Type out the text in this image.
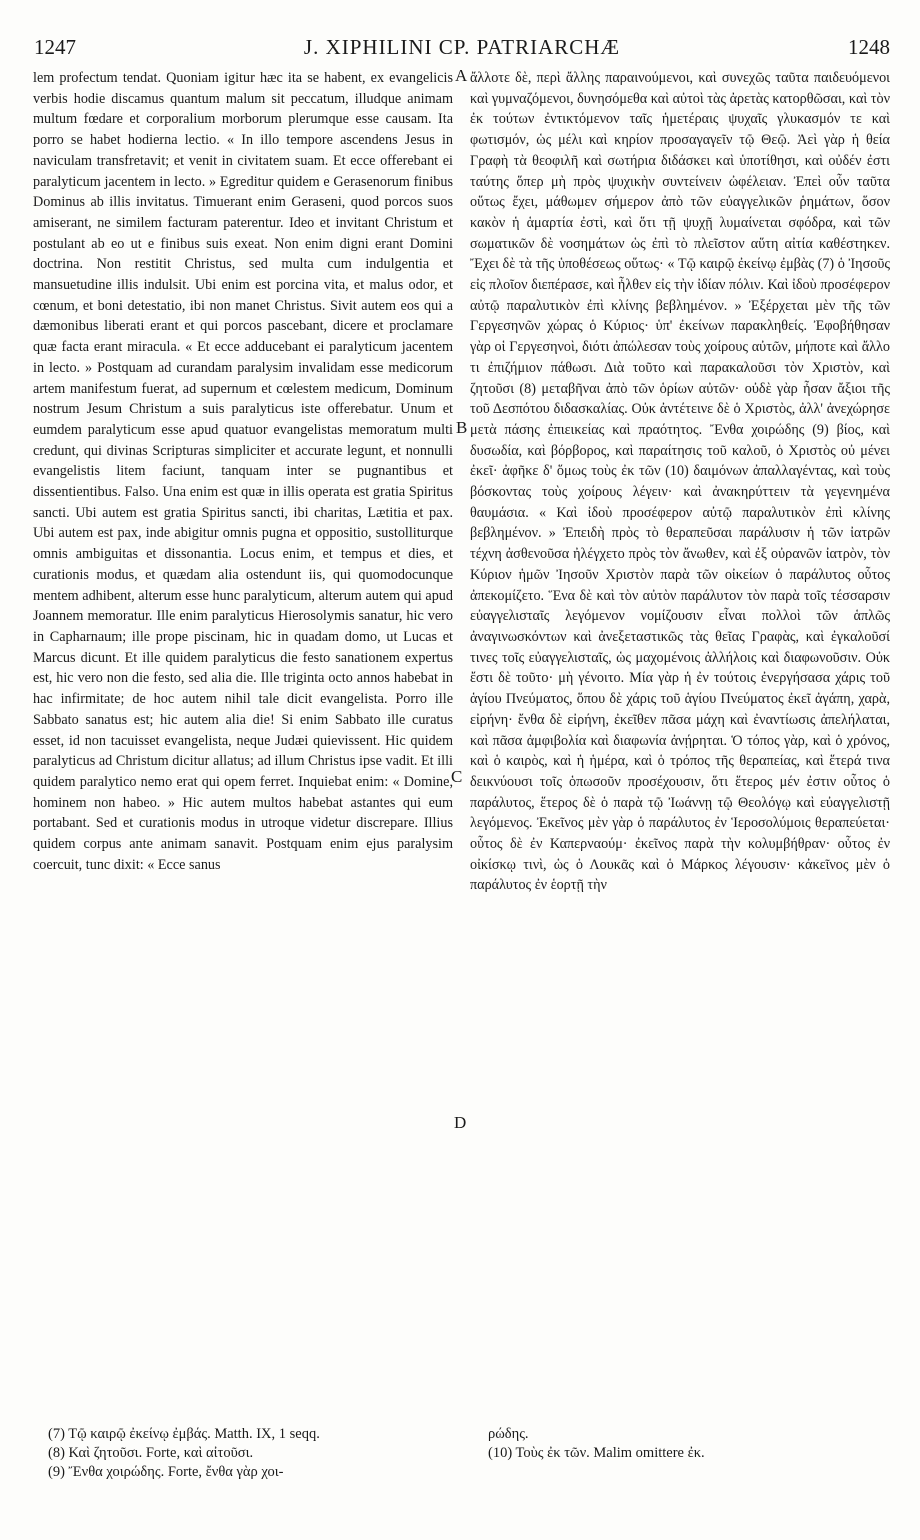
J. XIPHILINI CP. PATRIARCHÆ
1247	1248

lem profectum tendat. Quoniam igitur hæc ita se habent, ex evangelicis verbis hodie discamus quantum malum sit peccatum, illudque animam multum fœdare et corporalium morborum plerumque esse causam. Ita porro se habet hodierna lectio. « In illo tempore ascendens Jesus in naviculam transfretavit; et venit in civitatem suam. Et ecce offerebant ei paralyticum jacentem in lecto. » Egreditur quidem e Gerasenorum finibus Dominus ab illis invitatus. Timuerant enim Geraseni, quod porcos suos amiserant, ne similem facturam paterentur. Ideo et invitant Christum et postulant ab eo ut e finibus suis exeat. Non enim digni erant Domini doctrina. Non restitit Christus, sed multa cum indulgentia et mansuetudine illis indulsit. Ubi enim est porcina vita, et malus odor, et cœnum, et boni detestatio, ibi non manet Christus. Sivit autem eos qui a dæmonibus liberati erant et qui porcos pascebant, dicere et proclamare quæ facta erant miracula. « Et ecce adducebant ei paralyticum jacentem in lecto. » Postquam ad curandam paralysim invalidam esse medicorum artem manifestum fuerat, ad supernum et cœlestem medicum, Dominum nostrum Jesum Christum a suis paralyticus iste offerebatur. Unum et eumdem paralyticum esse apud quatuor evangelistas memoratum multi credunt, qui divinas Scripturas simpliciter et accurate legunt, et nonnulli evangelistis litem faciunt, tanquam inter se pugnantibus et dissentientibus. Falso. Una enim est quæ in illis operata est gratia Spiritus sancti. Ubi autem est gratia Spiritus sancti, ibi charitas, Lætitia et pax. Ubi autem est pax, inde abigitur omnis pugna et oppositio, sustolliturque omnis ambiguitas et dissonantia. Locus enim, et tempus et dies, et curationis modus, et quædam alia ostendunt iis, qui quomodocunque mentem adhibent, alterum esse hunc paralyticum, alterum autem qui apud Joannem memoratur. Ille enim paralyticus Hierosolymis sanatur, hic vero in Capharnaum; ille prope piscinam, hic in quadam domo, ut Lucas et Marcus dicunt. Et ille quidem paralyticus die festo sanationem expertus est, hic vero non die festo, sed alia die. Ille triginta octo annos habebat in hac infirmitate; de hoc autem nihil tale dicit evangelista. Porro ille Sabbato sanatus est; hic autem alia die! Si enim Sabbato ille curatus esset, id non tacuisset evangelista, neque Judæi quievissent. Hic quidem paralyticus ad Christum dicitur allatus; ad illum Christus ipse vadit. Et illi quidem paralytico nemo erat qui opem ferret. Inquiebat enim: « Domine, hominem non habeo. » Hic autem multos habebat astantes qui eum portabant. Sed et curationis modus in utroque videtur discrepare. Illius quidem corpus ante animam sanavit. Postquam enim ejus paralysim coercuit, tunc dixit: « Ecce sanus

A
B
C
D

ἄλλοτε δὲ, περὶ ἄλλης παραινούμενοι, καὶ συνεχῶς ταῦτα παιδευόμενοι καὶ γυμναζόμενοι, δυνησόμεθα καὶ αὐτοὶ τὰς ἀρετὰς κατορθῶσαι, καὶ τὸν ἐκ τούτων ἐντικτόμενον ταῖς ἡμετέραις ψυχαῖς γλυκασμόν τε καὶ φωτισμόν, ὡς μέλι καὶ κηρίον προσαγαγεῖν τῷ Θεῷ. Ἀεὶ γὰρ ἡ θεία Γραφὴ τὰ θεοφιλῆ καὶ σωτήρια διδάσκει καὶ ὑποτίθησι, καὶ οὐδέν ἐστι ταύτης ὅπερ μὴ πρὸς ψυχικὴν συντείνειν ὠφέλειαν. Ἐπεὶ οὖν ταῦτα οὕτως ἔχει, μάθωμεν σήμερον ἀπὸ τῶν εὐαγγελικῶν ῥημάτων, ὅσον κακὸν ἡ ἁμαρτία ἐστὶ, καὶ ὅτι τῇ ψυχῇ λυμαίνεται σφόδρα, καὶ τῶν σωματικῶν δὲ νοσημάτων ὡς ἐπὶ τὸ πλεῖστον αὕτη αἰτία καθέστηκεν. Ἔχει δὲ τὰ τῆς ὑποθέσεως οὕτως· « Τῷ καιρῷ ἐκείνῳ ἐμβὰς (7) ὁ Ἰησοῦς εἰς πλοῖον διεπέρασε, καὶ ἦλθεν εἰς τὴν ἰδίαν πόλιν. Καὶ ἰδοὺ προσέφερον αὐτῷ παραλυτικὸν ἐπὶ κλίνης βεβλημένον. » Ἐξέρχεται μὲν τῆς τῶν Γεργεσηνῶν χώρας ὁ Κύριος· ὑπ' ἐκείνων παρακληθείς. Ἐφοβήθησαν γὰρ οἱ Γεργεσηνοὶ, διότι ἀπώλεσαν τοὺς χοίρους αὐτῶν, μήποτε καὶ ἄλλο τι ἐπιζήμιον πάθωσι. Διὰ τοῦτο καὶ παρακαλοῦσι τὸν Χριστὸν, καὶ ζητοῦσι (8) μεταβῆναι ἀπὸ τῶν ὁρίων αὐτῶν· οὐδὲ γὰρ ἦσαν ἄξιοι τῆς τοῦ Δεσπότου διδασκαλίας. Οὐκ ἀντέτεινε δὲ ὁ Χριστὸς, ἀλλ' ἀνεχώρησε μετὰ πάσης ἐπιεικείας καὶ πραότητος. Ἔνθα χοιρώδης (9) βίος, καὶ δυσωδία, καὶ βόρβορος, καὶ παραίτησις τοῦ καλοῦ, ὁ Χριστὸς οὐ μένει ἐκεῖ· ἀφῆκε δ' ὅμως τοὺς ἐκ τῶν (10) δαιμόνων ἀπαλλαγέντας, καὶ τοὺς βόσκοντας τοὺς χοίρους λέγειν· καὶ ἀνακηρύττειν τὰ γεγενημένα θαυμάσια. « Καὶ ἰδοὺ προσέφερον αὐτῷ παραλυτικὸν ἐπὶ κλίνης βεβλημένον. » Ἐπειδὴ πρὸς τὸ θεραπεῦσαι παράλυσιν ἡ τῶν ἰατρῶν τέχνη ἀσθενοῦσα ἠλέγχετο πρὸς τὸν ἄνωθεν, καὶ ἐξ οὐρανῶν ἰατρὸν, τὸν Κύριον ἡμῶν Ἰησοῦν Χριστὸν παρὰ τῶν οἰκείων ὁ παράλυτος οὗτος ἀπεκομίζετο. Ἕνα δὲ καὶ τὸν αὐτὸν παράλυτον τὸν παρὰ τοῖς τέσσαρσιν εὐαγγελισταῖς λεγόμενον νομίζουσιν εἶναι πολλοὶ τῶν ἁπλῶς ἀναγινωσκόντων καὶ ἀνεξεταστικῶς τὰς θεῖας Γραφὰς, καὶ ἐγκαλοῦσί τινες τοῖς εὐαγγελισταῖς, ὡς μαχομένοις ἀλλήλοις καὶ διαφωνοῦσιν. Οὐκ ἔστι δὲ τοῦτο· μὴ γένοιτο. Μία γὰρ ἡ ἐν τούτοις ἐνεργήσασα χάρις τοῦ ἁγίου Πνεύματος, ὅπου δὲ χάρις τοῦ ἁγίου Πνεύματος ἐκεῖ ἀγάπη, χαρὰ, εἰρήνη· ἔνθα δὲ εἰρήνη, ἐκεῖθεν πᾶσα μάχη καὶ ἐναντίωσις ἀπελήλαται, καὶ πᾶσα ἀμφιβολία καὶ διαφωνία ἀνῄρηται. Ὁ τόπος γὰρ, καὶ ὁ χρόνος, καὶ ὁ καιρὸς, καὶ ἡ ἡμέρα, καὶ ὁ τρόπος τῆς θεραπείας, καὶ ἕτερά τινα δεικνύουσι τοῖς ὁπωσοῦν προσέχουσιν, ὅτι ἕτερος μέν ἐστιν οὗτος ὁ παράλυτος, ἕτερος δὲ ὁ παρὰ τῷ Ἰωάννῃ τῷ Θεολόγῳ καὶ εὐαγγελιστῇ λεγόμενος. Ἐκεῖνος μὲν γὰρ ὁ παράλυτος ἐν Ἱεροσολύμοις θεραπεύεται· οὗτος δὲ ἐν Καπερναούμ· ἐκεῖνος παρὰ τὴν κολυμβήθραν· οὗτος ἐν οἰκίσκῳ τινὶ, ὡς ὁ Λουκᾶς καὶ ὁ Μάρκος λέγουσιν· κἀκεῖνος μὲν ὁ παράλυτος ἐν ἑορτῇ τὴν

(7) Τῷ καιρῷ ἐκείνῳ ἐμβάς. Matth. IX, 1 seqq.
(8) Καὶ ζητοῦσι. Forte, καὶ αἰτοῦσι.
(9) Ἔνθα χοιρώδης. Forte, ἔνθα γὰρ χοι-
ρώδης.
(10) Τοὺς ἐκ τῶν. Malim omittere ἐκ.
